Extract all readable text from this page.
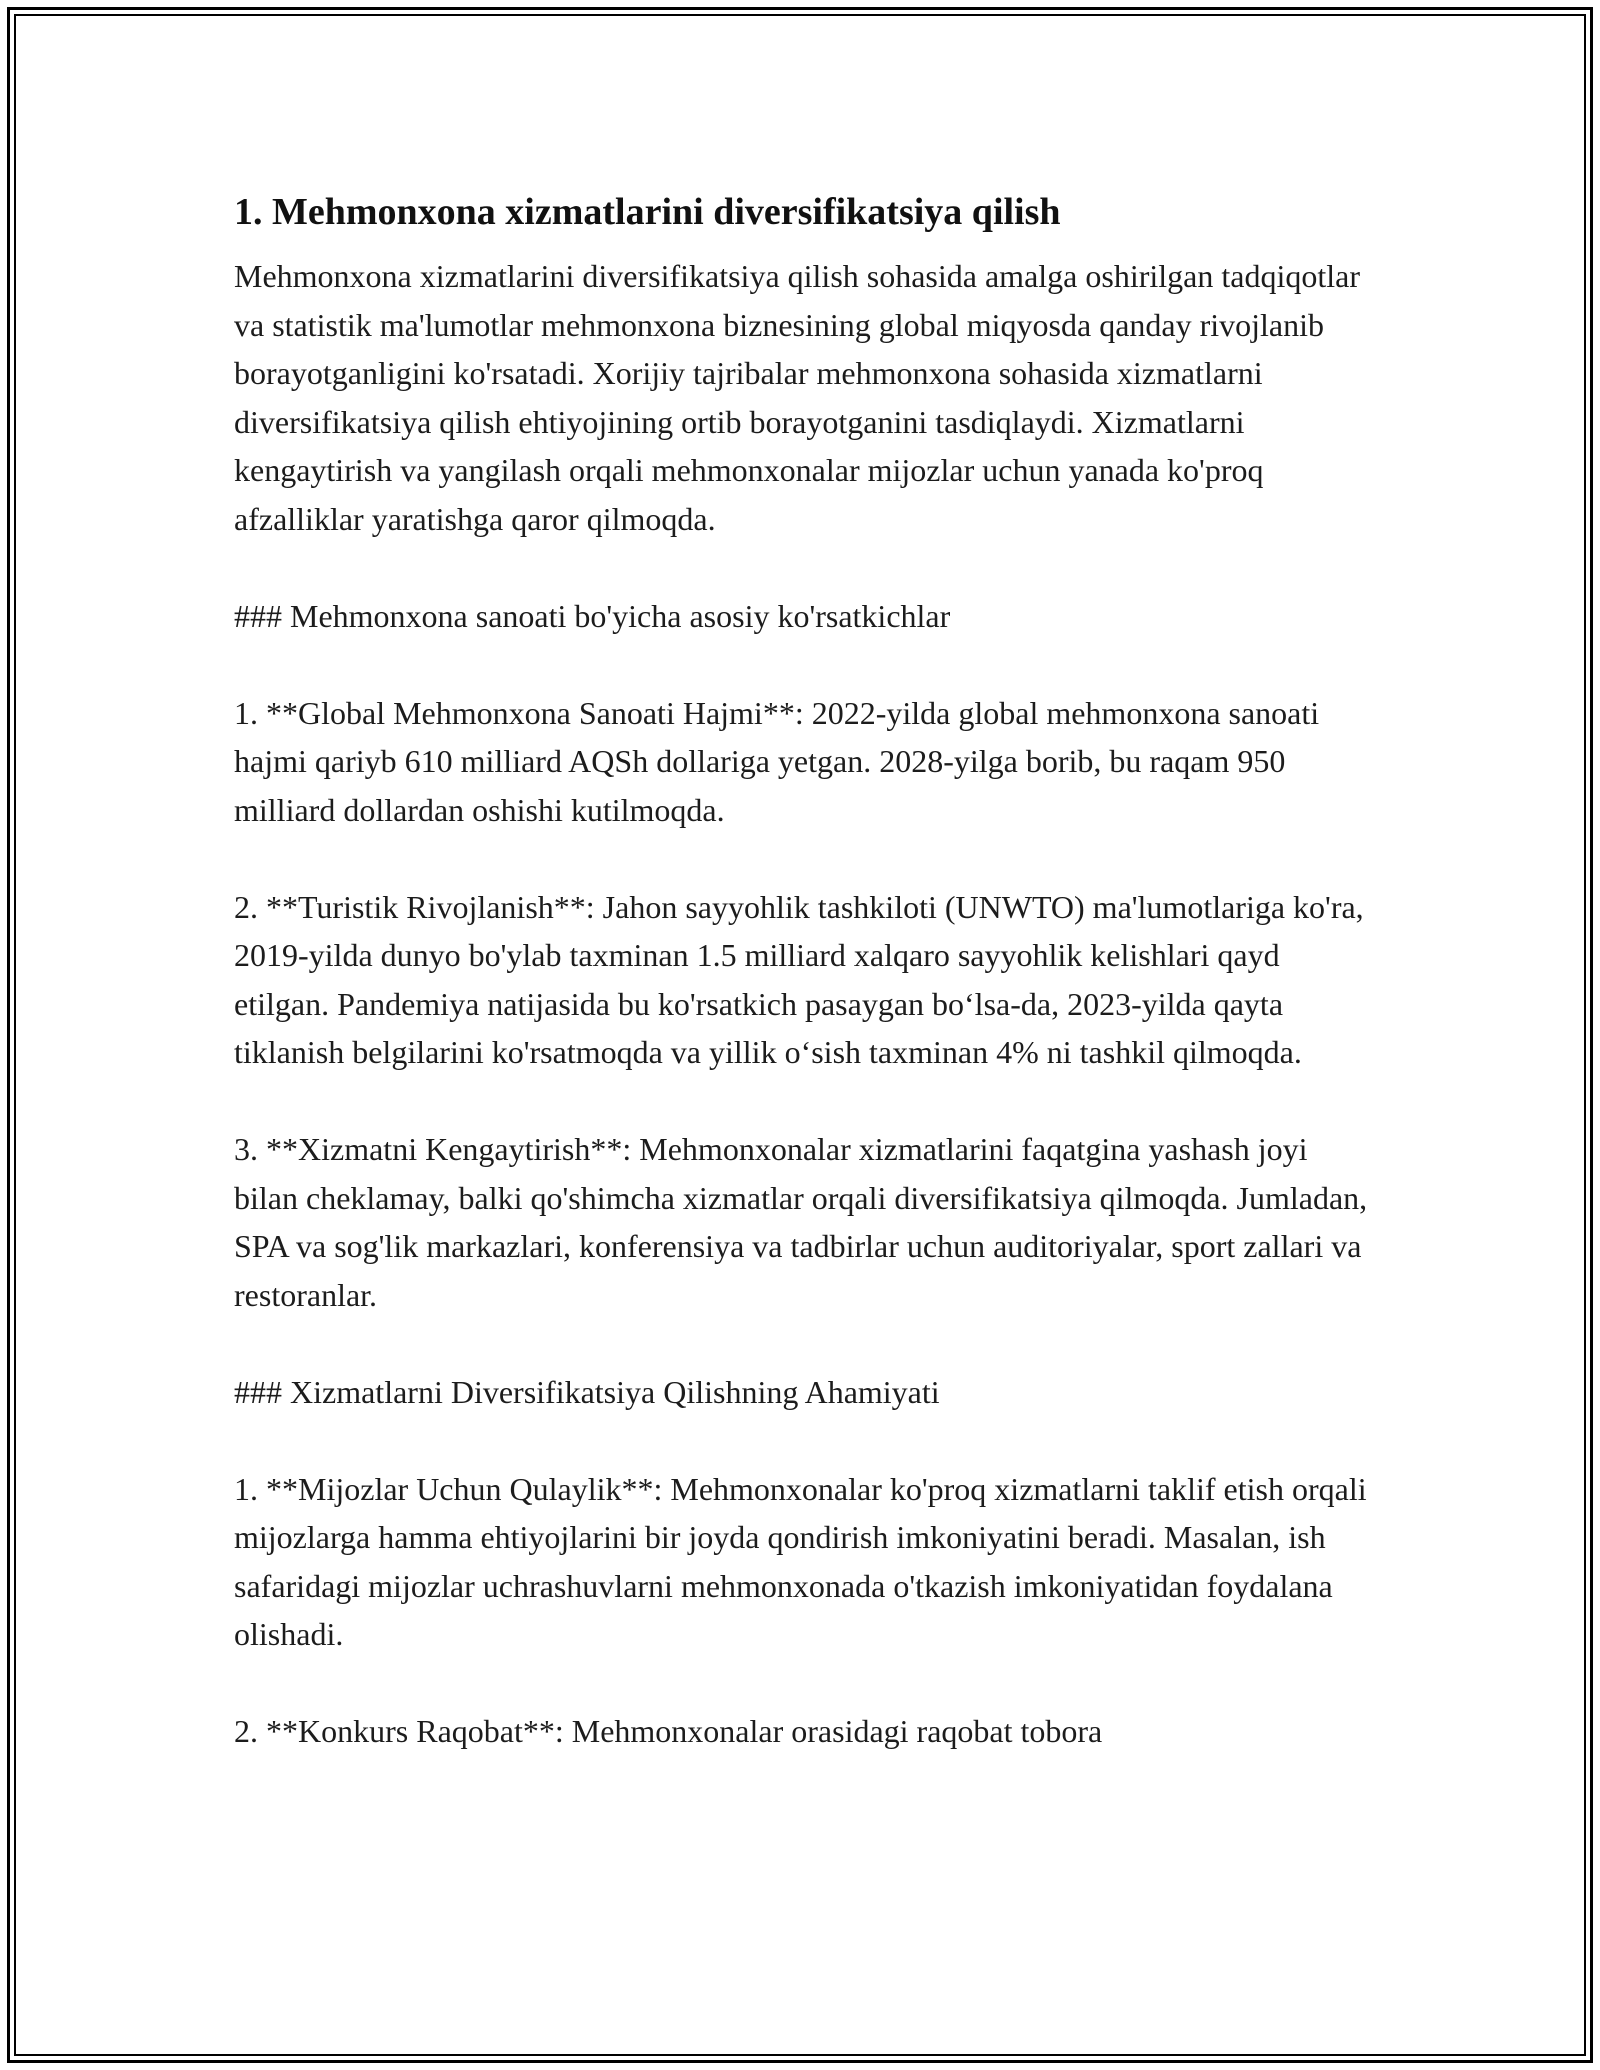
1. Mehmonxona xizmatlarini diversifikatsiya qilish

Mehmonxona xizmatlarini diversifikatsiya qilish sohasida amalga oshirilgan tadqiqotlar va statistik ma'lumotlar mehmonxona biznesining global miqyosda qanday rivojlanib borayotganligini ko'rsatadi. Xorijiy tajribalar mehmonxona sohasida xizmatlarni diversifikatsiya qilish ehtiyojining ortib borayotganini tasdiqlaydi. Xizmatlarni kengaytirish va yangilash orqali mehmonxonalar mijozlar uchun yanada ko'proq afzalliklar yaratishga qaror qilmoqda.

### Mehmonxona sanoati bo'yicha asosiy ko'rsatkichlar

1. **Global Mehmonxona Sanoati Hajmi**: 2022-yilda global mehmonxona sanoati hajmi qariyb 610 milliard AQSh dollariga yetgan. 2028-yilga borib, bu raqam 950 milliard dollardan oshishi kutilmoqda.

2. **Turistik Rivojlanish**: Jahon sayyohlik tashkiloti (UNWTO) ma'lumotlariga ko'ra, 2019-yilda dunyo bo'ylab taxminan 1.5 milliard xalqaro sayyohlik kelishlari qayd etilgan. Pandemiya natijasida bu ko'rsatkich pasaygan bo‘lsa-da, 2023-yilda qayta tiklanish belgilarini ko'rsatmoqda va yillik o‘sish taxminan 4% ni tashkil qilmoqda.

3. **Xizmatni Kengaytirish**: Mehmonxonalar xizmatlarini faqatgina yashash joyi bilan cheklamay, balki qo'shimcha xizmatlar orqali diversifikatsiya qilmoqda. Jumladan, SPA va sog'lik markazlari, konferensiya va tadbirlar uchun auditoriyalar, sport zallari va restoranlar.

### Xizmatlarni Diversifikatsiya Qilishning Ahamiyati

1. **Mijozlar Uchun Qulaylik**: Mehmonxonalar ko'proq xizmatlarni taklif etish orqali mijozlarga hamma ehtiyojlarini bir joyda qondirish imkoniyatini beradi. Masalan, ish safaridagi mijozlar uchrashuvlarni mehmonxonada o'tkazish imkoniyatidan foydalana olishadi.

2. **Konkurs Raqobat**: Mehmonxonalar orasidagi raqobat tobora
